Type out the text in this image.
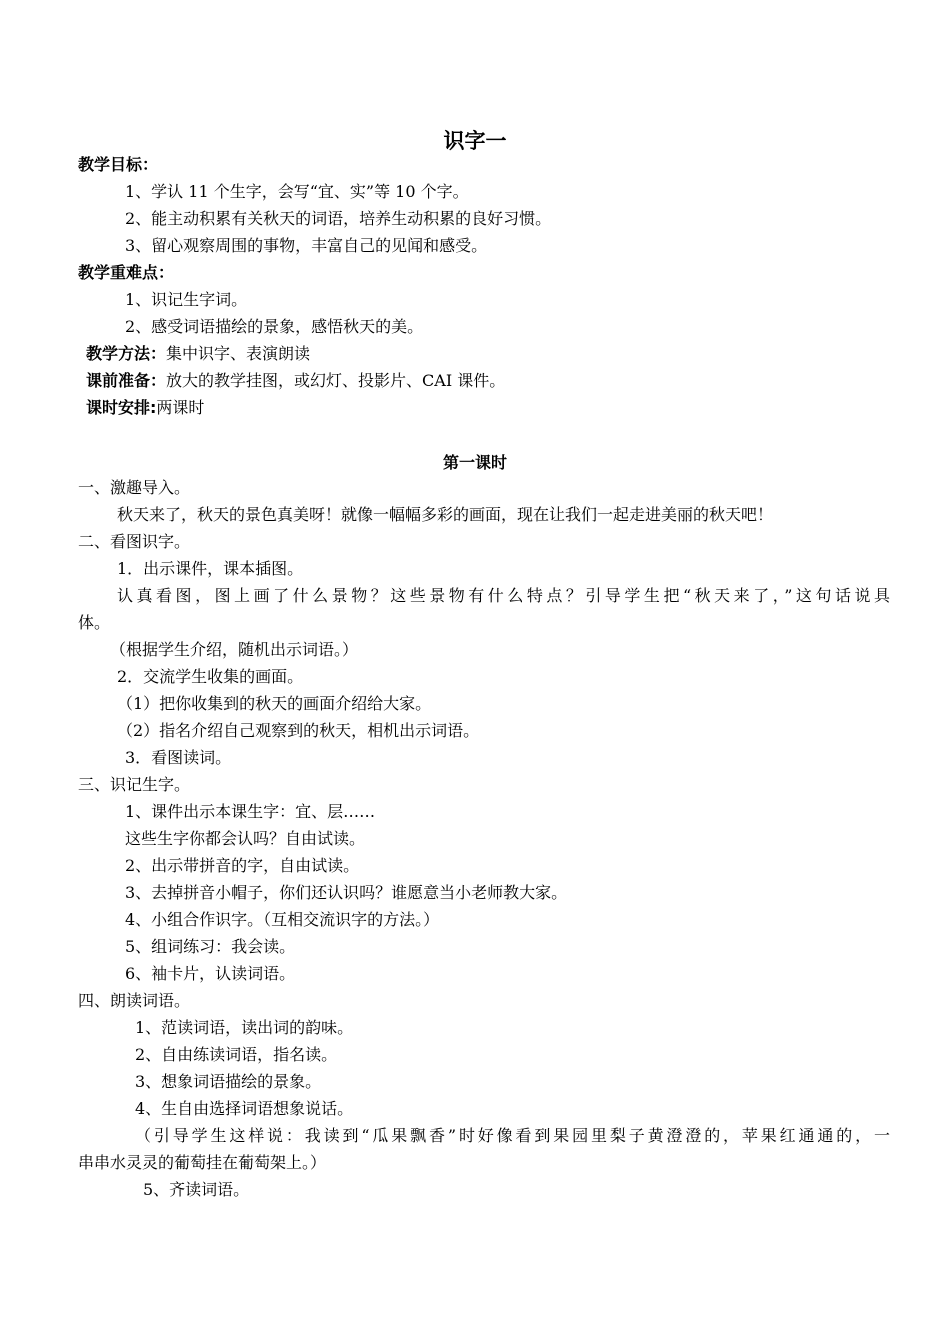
识字一
教学目标：
1、学认 11 个生字，会写“宜、实”等 10 个字。
2、能主动积累有关秋天的词语，培养生动积累的良好习惯。
3、留心观察周围的事物，丰富自己的见闻和感受。
教学重难点：
1、识记生字词。
2、感受词语描绘的景象，感悟秋天的美。
教学方法：集中识字、表演朗读
课前准备：放大的教学挂图，或幻灯、投影片、CAI 课件。
课时安排:两课时
第一课时
一、激趣导入。
秋天来了，秋天的景色真美呀！就像一幅幅多彩的画面，现在让我们一起走进美丽的秋天吧！
二、看图识字。
1．出示课件，课本插图。
认真看图，图上画了什么景物？这些景物有什么特点？引导学生把“秋天来了，”这句话说具
体。
（根据学生介绍，随机出示词语。）
2．交流学生收集的画面。
（1）把你收集到的秋天的画面介绍给大家。
（2）指名介绍自己观察到的秋天，相机出示词语。
3．看图读词。
三、识记生字。
1、课件出示本课生字：宜、层……
这些生字你都会认吗？自由试读。
2、出示带拼音的字，自由试读。
3、去掉拼音小帽子，你们还认识吗？谁愿意当小老师教大家。
4、小组合作识字。（互相交流识字的方法。）
5、组词练习：我会读。
6、袖卡片，认读词语。
四、朗读词语。
1、范读词语，读出词的韵味。
2、自由练读词语，指名读。
3、想象词语描绘的景象。
4、生自由选择词语想象说话。
（引导学生这样说：我读到“瓜果飘香”时好像看到果园里梨子黄澄澄的，苹果红通通的，一
串串水灵灵的葡萄挂在葡萄架上。）
5、齐读词语。
